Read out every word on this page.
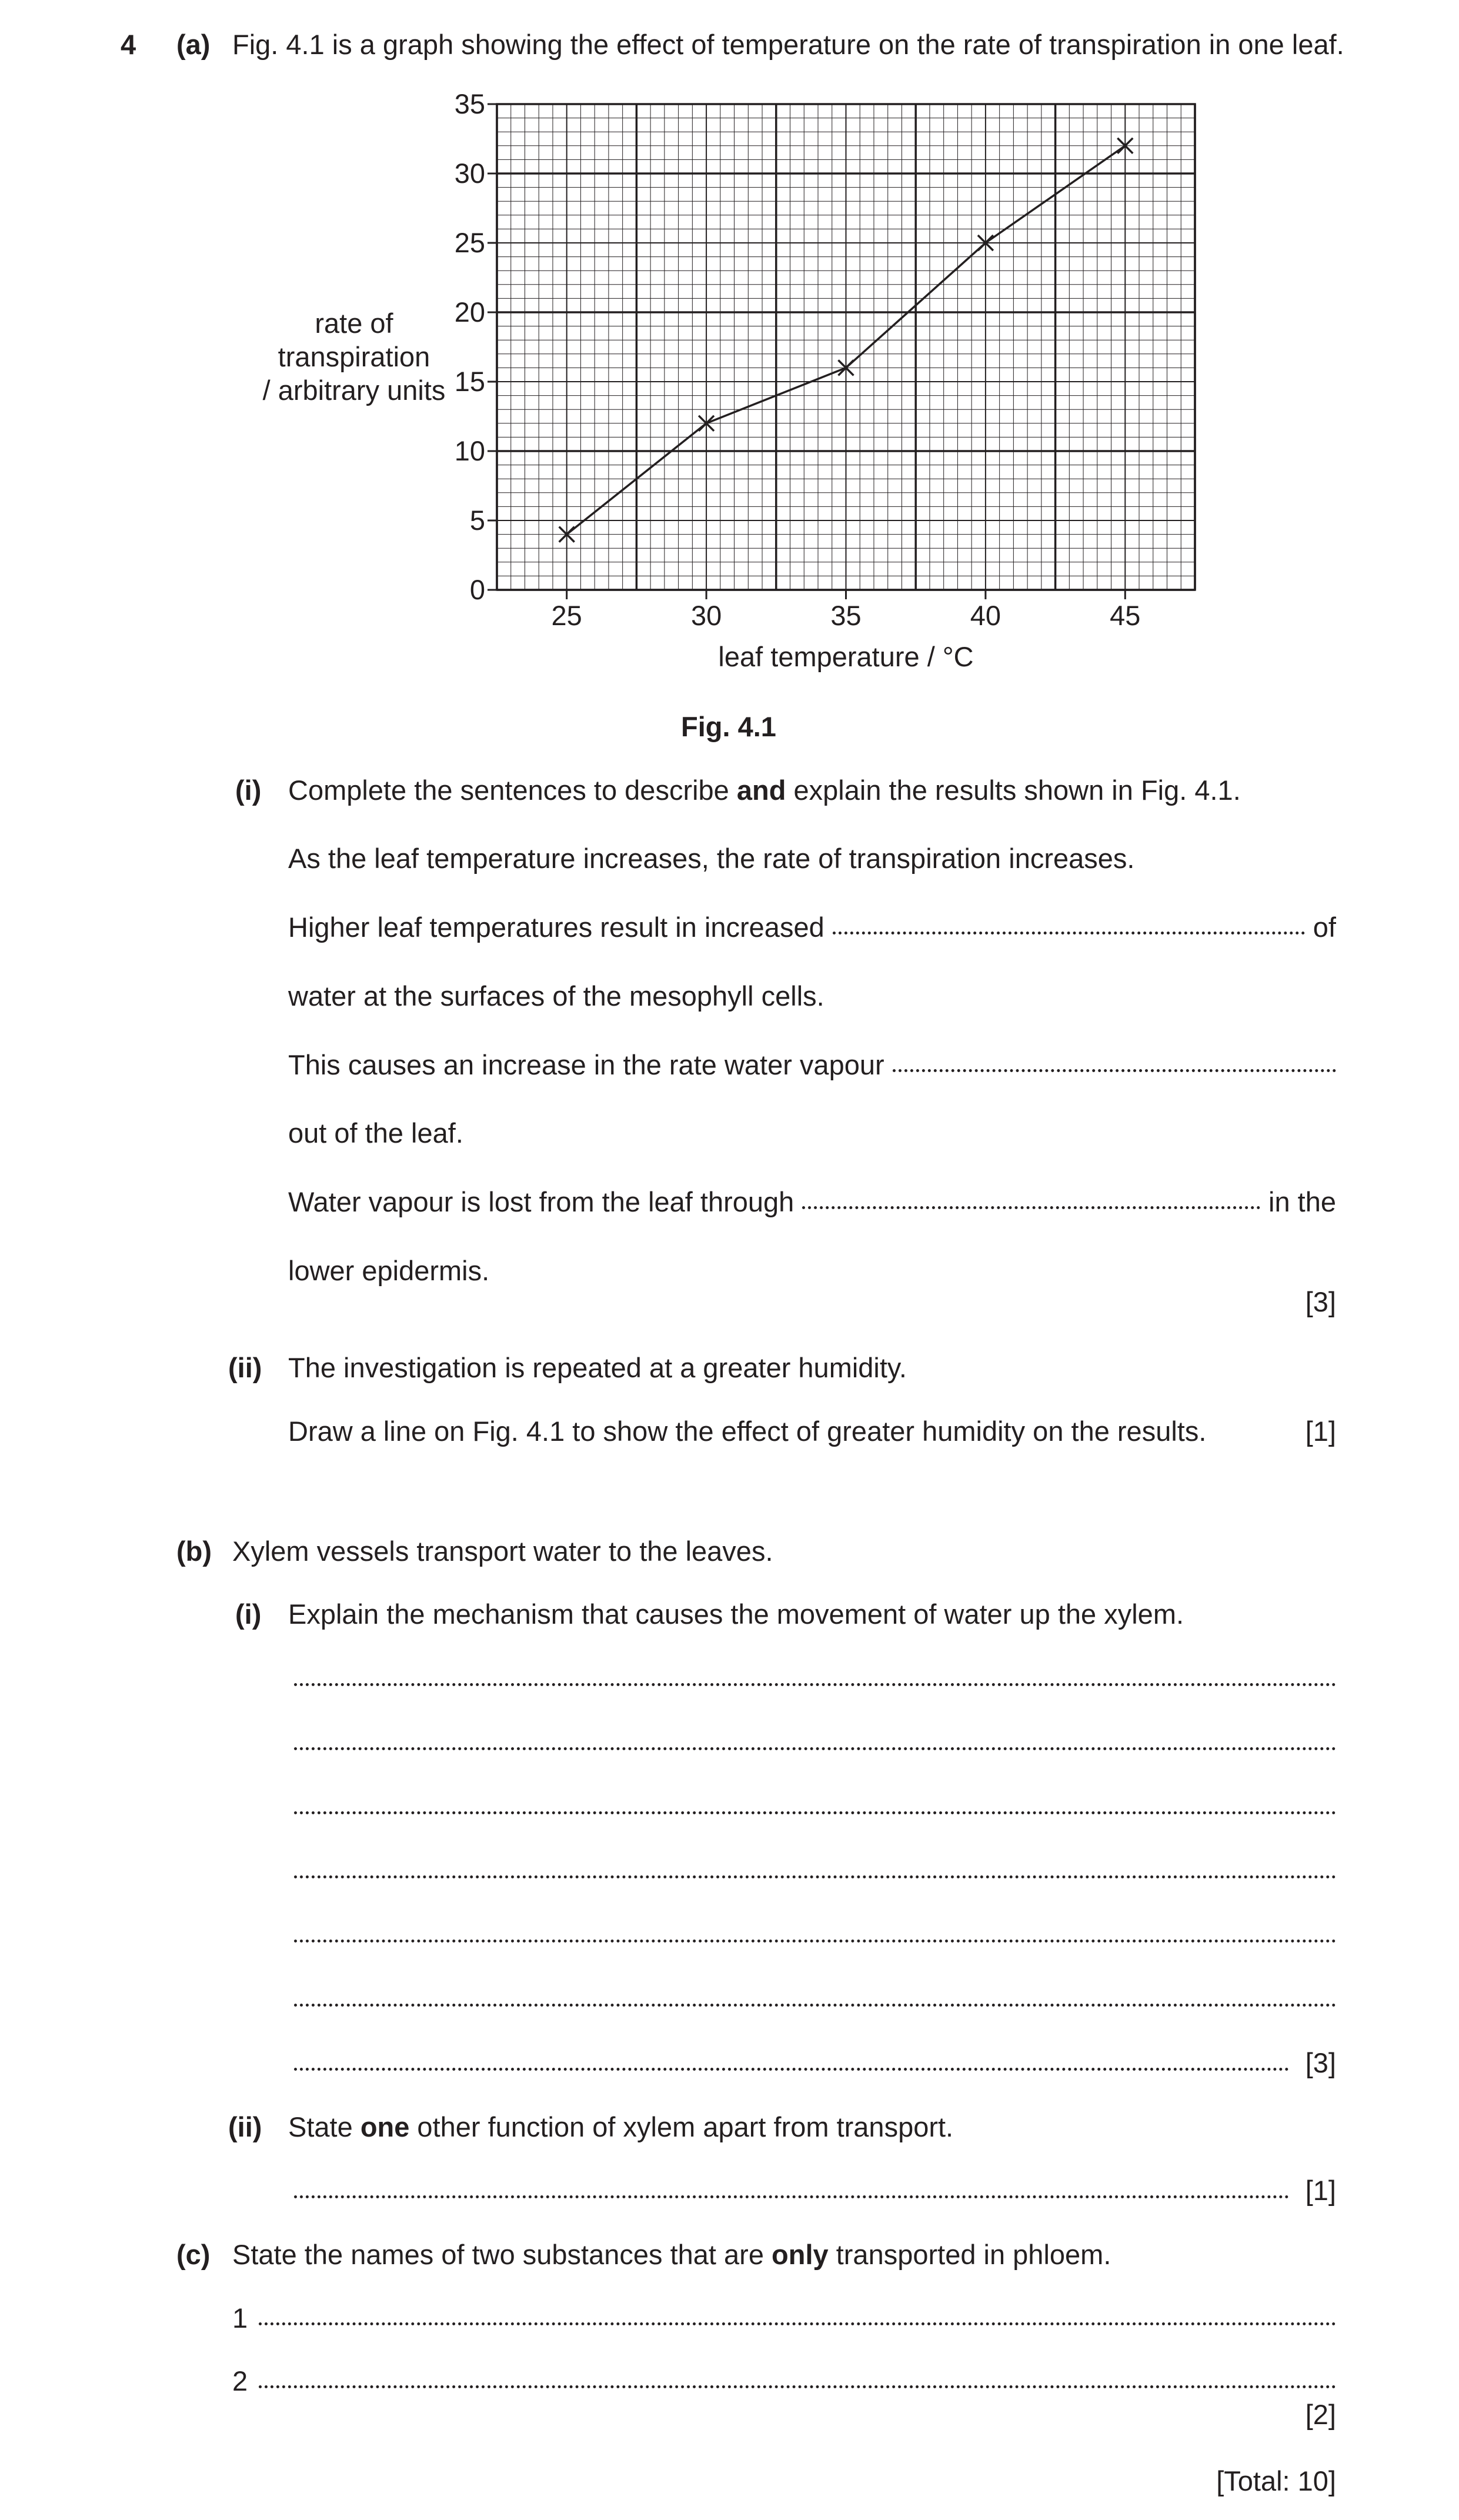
4 (a) Fig. 4.1 is a graph showing the effect of temperature on the rate of transpiration in one leaf.
0
5
10
15
20
25
30
35
25	30	35	40	45
leaf temperature / °C
rate of
transpiration
/ arbitrary units
Fig. 4.1
(i) Complete the sentences to describe and explain the results shown in Fig. 4.1.
As the leaf temperature increases, the rate of transpiration increases.
Higher leaf temperatures result in increased	of
water at the surfaces of the mesophyll cells.
This causes an increase in the rate water vapour
out of the leaf.
Water vapour is lost from the leaf through	in the
lower epidermis.
[3]
(ii) The investigation is repeated at a greater humidity.
Draw a line on Fig. 4.1 to show the effect of greater humidity on the results.	[1]
(b) Xylem vessels transport water to the leaves.
(i) Explain the mechanism that causes the movement of water up the xylem.
[3]
(ii) State one other function of xylem apart from transport.
[1]
(c) State the names of two substances that are only transported in phloem.
1
2
[2]
[Total: 10]
